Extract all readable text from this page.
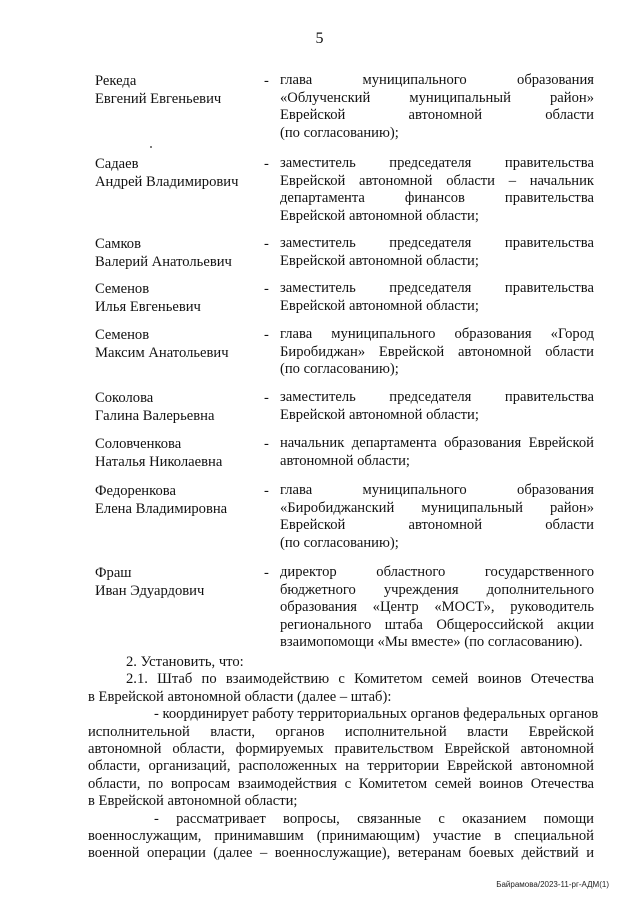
5
Рекеда
Евгений Евгеньевич
- глава муниципального образования
«Облученский муниципальный район»
Еврейской автономной области
(по согласованию);
Садаев
Андрей Владимирович
- заместитель председателя правительства
Еврейской автономной области – начальник
департамента финансов правительства
Еврейской автономной области;
Самков
Валерий Анатольевич
- заместитель председателя правительства
Еврейской автономной области;
Семенов
Илья Евгеньевич
- заместитель председателя правительства
Еврейской автономной области;
Семенов
Максим Анатольевич
- глава муниципального образования «Город
Биробиджан» Еврейской автономной области
(по согласованию);
Соколова
Галина Валерьевна
- заместитель председателя правительства
Еврейской автономной области;
Соловченкова
Наталья Николаевна
- начальник департамента образования Еврейской
автономной области;
Федоренкова
Елена Владимировна
- глава муниципального образования
«Биробиджанский муниципальный район»
Еврейской автономной области
(по согласованию);
Фраш
Иван Эдуардович
- директор областного государственного
бюджетного учреждения дополнительного
образования «Центр «МОСТ», руководитель
регионального штаба Общероссийской акции
взаимопомощи «Мы вместе» (по согласованию).
2. Установить, что:
2.1. Штаб по взаимодействию с Комитетом семей воинов Отечества
в Еврейской автономной области (далее – штаб):
- координирует работу территориальных органов федеральных органов
исполнительной власти, органов исполнительной власти Еврейской
автономной области, формируемых правительством Еврейской автономной
области, организаций, расположенных на территории Еврейской автономной
области, по вопросам взаимодействия с Комитетом семей воинов Отечества
в Еврейской автономной области;
- рассматривает вопросы, связанные с оказанием помощи
военнослужащим, принимавшим (принимающим) участие в специальной
военной операции (далее – военнослужащие), ветеранам боевых действий и
Байрамова/2023-11-рг-АДМ(1)
